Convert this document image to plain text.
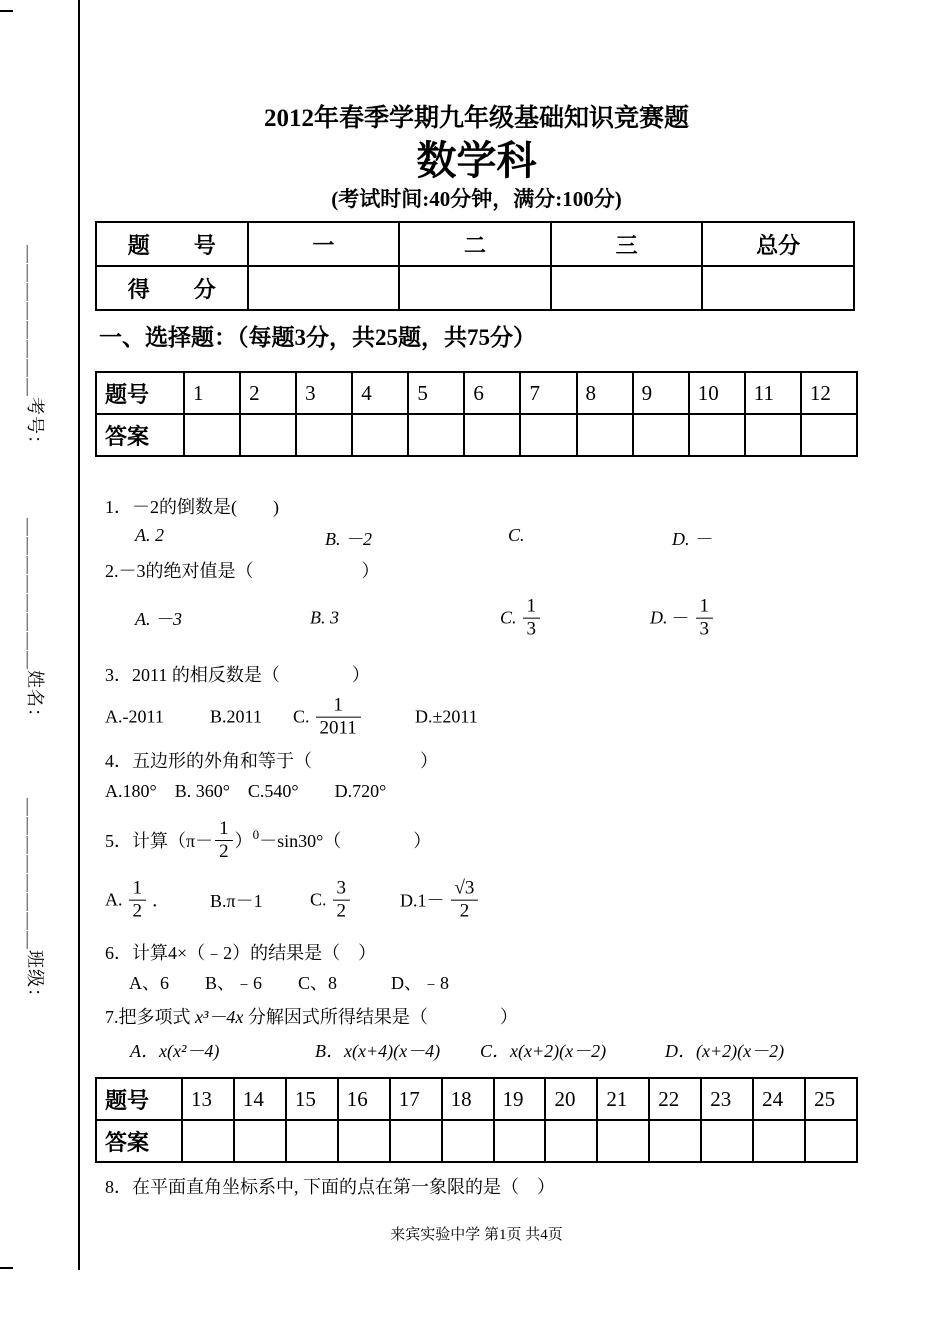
＿＿＿＿＿＿＿＿考号：
＿＿＿＿＿＿＿＿姓名：
＿＿＿＿＿＿＿＿班级：
2012年春季学期九年级基础知识竞赛题
数学科
(考试时间:40分钟，满分:100分)
题　　号	一	二	三	总分
得　　分				
一、选择题：（每题3分，共25题，共75分）
题号	1	2	3	4	5	6	7	8	9	10	11	12
答案												
1．－2的倒数是(　　)
A. 2	B. －2	C.	D. －
2.－3的绝对值是（　　　　　　）
A. －3	B. 3	C. $\frac{1}{3}$	D. － $\frac{1}{3}$
3．2011 的相反数是（　　　　）
A.-2011	B.2011 C. $\frac{1}{2011}$	D.±2011
4．五边形的外角和等于（　　　　　　）
A.180°　B. 360°　C.540°　　D.720°
5．计算$(\pi- \frac{1}{2} )^0-\sin 30^\circ$（　　　　）
A. $\frac{1}{2}$ ． B.π－1	C. $\frac{3}{2}$	$D.1- \frac{√3}{2}$
6．计算4×（﹣2）的结果是（　）
A、6　　B、﹣6　　C、8　　　D、﹣8
7.把多项式 x³－4x 分解因式所得结果是（　　　　）
A．x(x²－4)	B．x(x+4)(x－4) C．x(x+2)(x－2)	D．(x+2)(x－2)
题号	13	14	15	16	17	18	19	20	21	22	23	24	25
答案													
8．在平面直角坐标系中, 下面的点在第一象限的是（　）
来宾实验中学 第1页 共4页
